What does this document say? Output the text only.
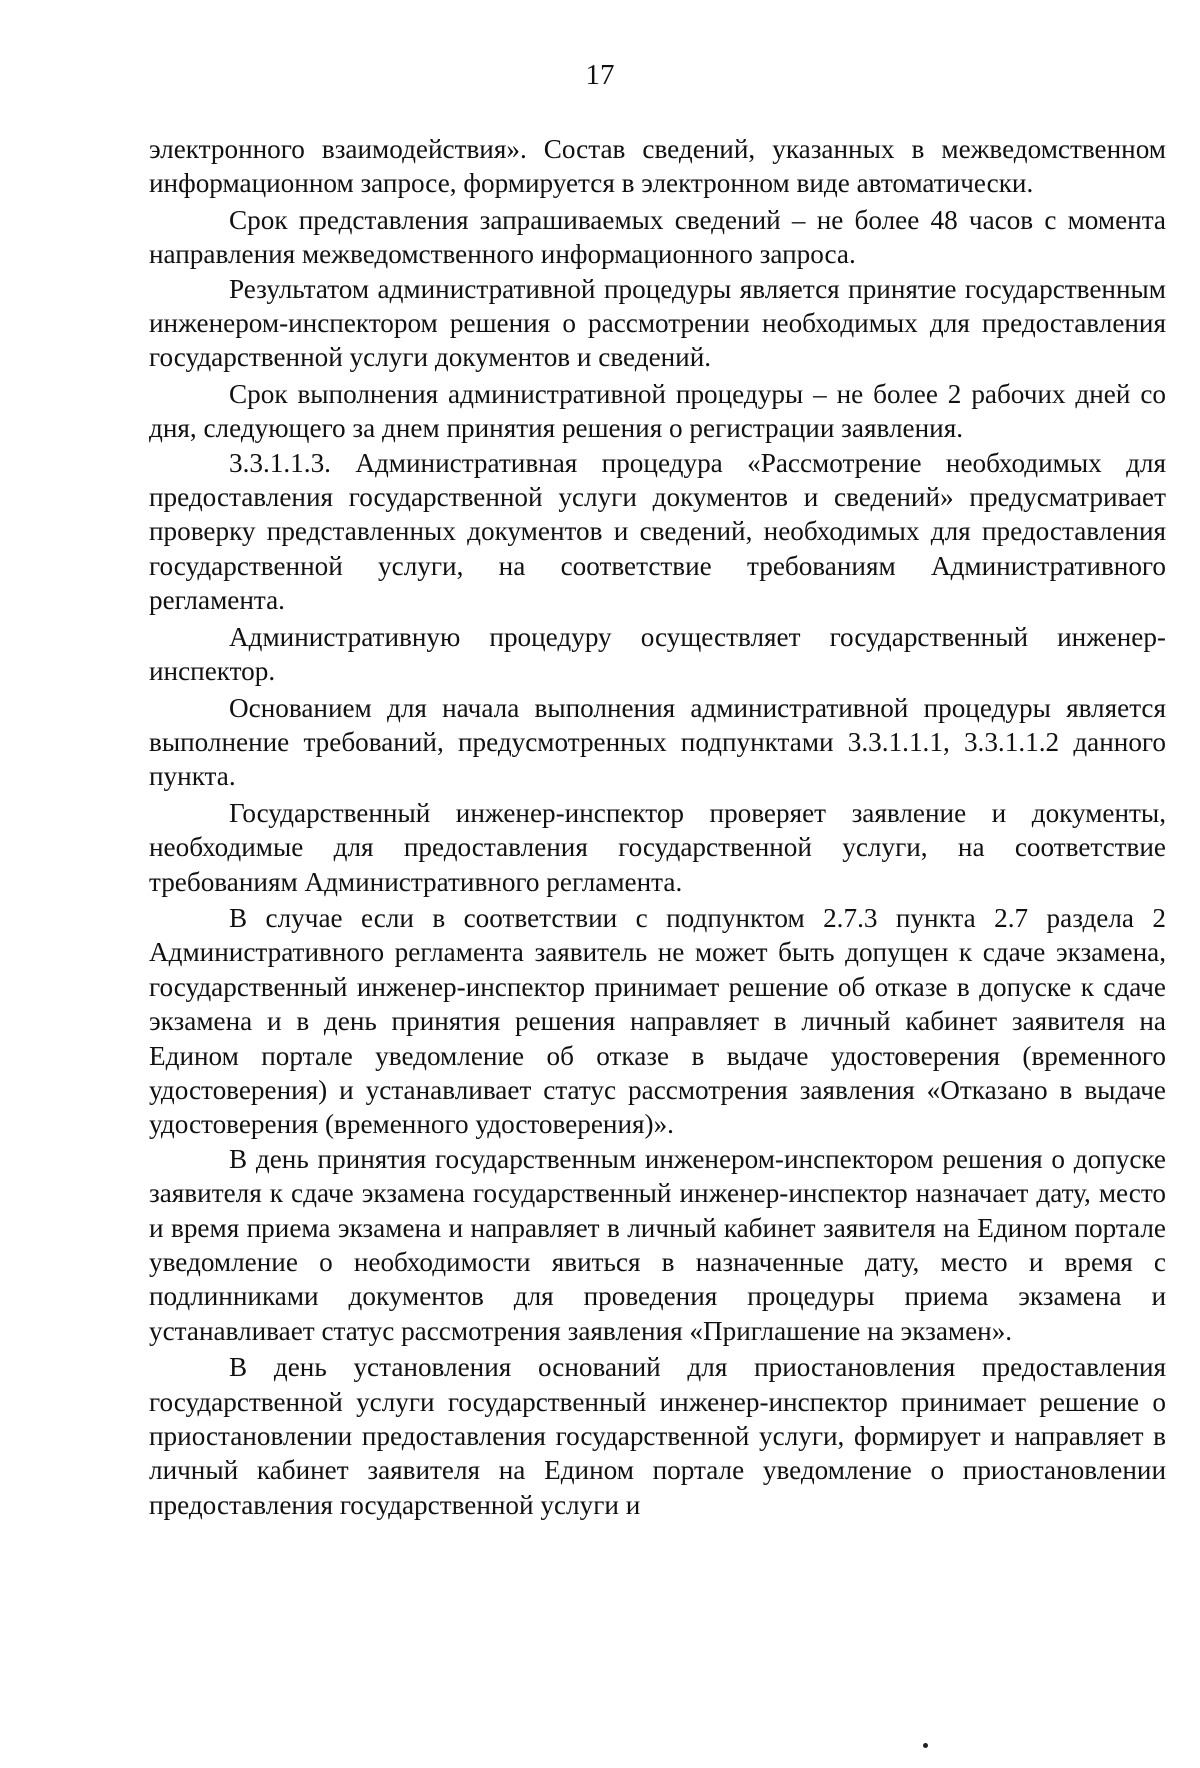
17

электронного взаимодействия». Состав сведений, указанных в межведомственном информационном запросе, формируется в электронном виде автоматически.

Срок представления запрашиваемых сведений – не более 48 часов с момента направления межведомственного информационного запроса.

Результатом административной процедуры является принятие государственным инженером-инспектором решения о рассмотрении необходимых для предоставления государственной услуги документов и сведений.

Срок выполнения административной процедуры – не более 2 рабочих дней со дня, следующего за днем принятия решения о регистрации заявления.

3.3.1.1.3. Административная процедура «Рассмотрение необходимых для предоставления государственной услуги документов и сведений» предусматривает проверку представленных документов и сведений, необходимых для предоставления государственной услуги, на соответствие требованиям Административного регламента.

Административную процедуру осуществляет государственный инженер-инспектор.

Основанием для начала выполнения административной процедуры является выполнение требований, предусмотренных подпунктами 3.3.1.1.1, 3.3.1.1.2 данного пункта.

Государственный инженер-инспектор проверяет заявление и документы, необходимые для предоставления государственной услуги, на соответствие требованиям Административного регламента.

В случае если в соответствии с подпунктом 2.7.3 пункта 2.7 раздела 2 Административного регламента заявитель не может быть допущен к сдаче экзамена, государственный инженер-инспектор принимает решение об отказе в допуске к сдаче экзамена и в день принятия решения направляет в личный кабинет заявителя на Едином портале уведомление об отказе в выдаче удостоверения (временного удостоверения) и устанавливает статус рассмотрения заявления «Отказано в выдаче удостоверения (временного удостоверения)».

В день принятия государственным инженером-инспектором решения о допуске заявителя к сдаче экзамена государственный инженер-инспектор назначает дату, место и время приема экзамена и направляет в личный кабинет заявителя на Едином портале уведомление о необходимости явиться в назначенные дату, место и время с подлинниками документов для проведения процедуры приема экзамена и устанавливает статус рассмотрения заявления «Приглашение на экзамен».

В день установления оснований для приостановления предоставления государственной услуги государственный инженер-инспектор принимает решение о приостановлении предоставления государственной услуги, формирует и направляет в личный кабинет заявителя на Едином портале уведомление о приостановлении предоставления государственной услуги и
